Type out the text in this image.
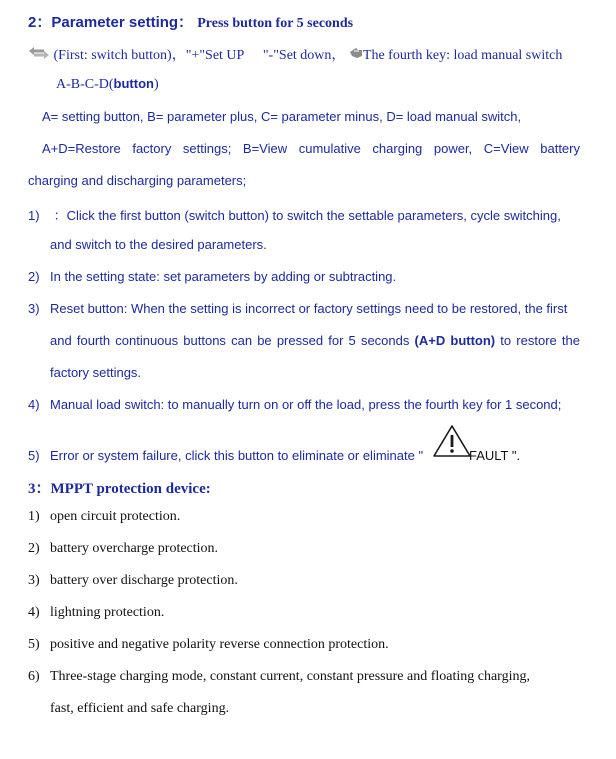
2：Parameter setting： Press button for 5 seconds
(First: switch button)，"+"Set UP "-"Set down， The fourth key: load manual switch
A-B-C-D(button)
A= setting button, B= parameter plus, C= parameter minus, D= load manual switch,
A+D=Restore factory settings; B=View cumulative charging power, C=View battery
charging and discharging parameters;
1) ：Click the first button (switch button) to switch the settable parameters, cycle switching,
and switch to the desired parameters.
2) In the setting state: set parameters by adding or subtracting.
3) Reset button: When the setting is incorrect or factory settings need to be restored, the first
and fourth continuous buttons can be pressed for 5 seconds (A+D button) to restore the
factory settings.
4) Manual load switch: to manually turn on or off the load, press the fourth key for 1 second;
5) Error or system failure, click this button to eliminate or eliminate "	FAULT ".
3：MPPT protection device:
1) open circuit protection.
2) battery overcharge protection.
3) battery over discharge protection.
4) lightning protection.
5) positive and negative polarity reverse connection protection.
6) Three-stage charging mode, constant current, constant pressure and floating charging,
fast, efficient and safe charging.
